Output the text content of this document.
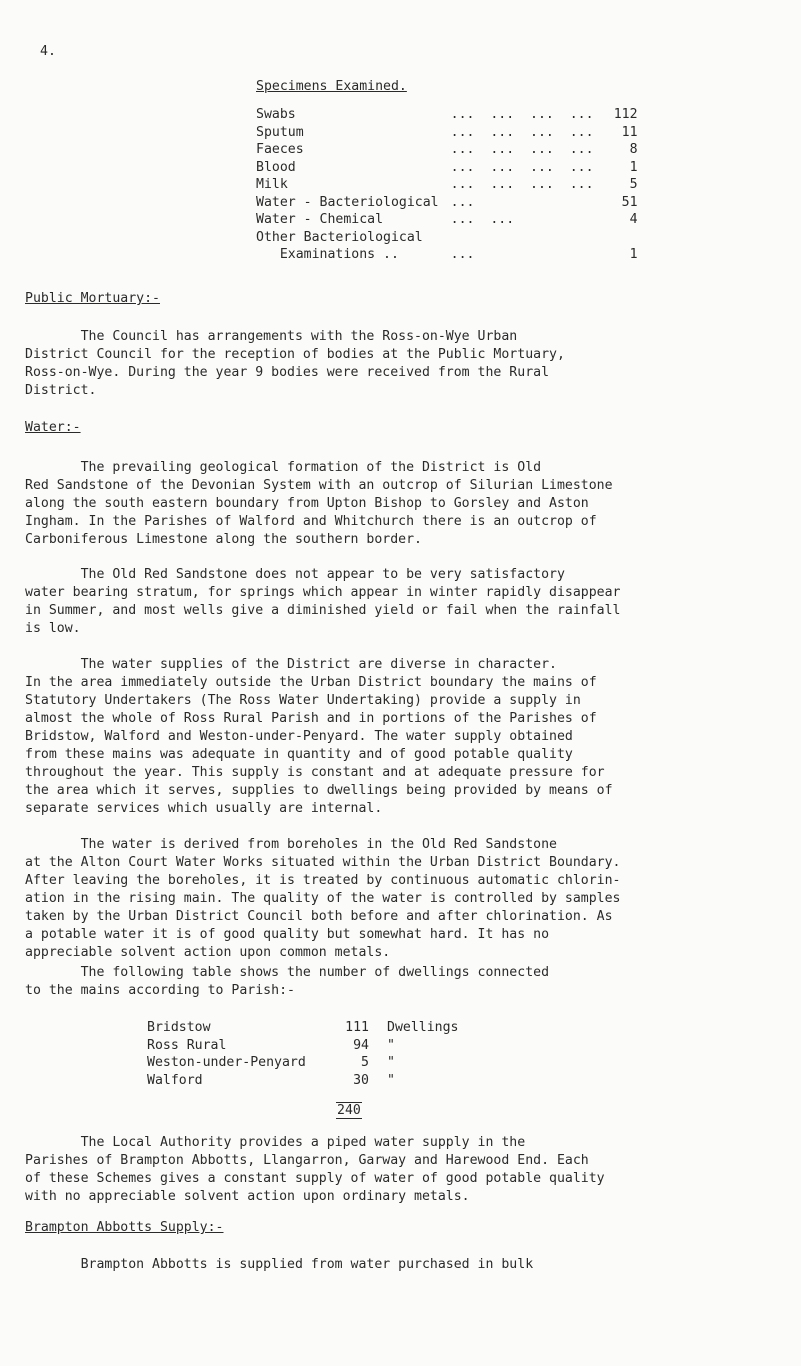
4.
Specimens Examined.
Swabs	...  ...  ...  ...	112
Sputum	...  ...  ...  ...	11
Faeces	...  ...  ...  ...	8
Blood	...  ...  ...  ...	1
Milk	...  ...  ...  ...	5
Water - Bacteriological	...	51
Water - Chemical	...  ...	4
Other Bacteriological		
Examinations ..	...	1
Public Mortuary:-

The Council has arrangements with the Ross-on-Wye Urban
District Council for the reception of bodies at the Public Mortuary,
Ross-on-Wye. During the year 9 bodies were received from the Rural
District.

Water:-

The prevailing geological formation of the District is Old
Red Sandstone of the Devonian System with an outcrop of Silurian Limestone
along the south eastern boundary from Upton Bishop to Gorsley and Aston
Ingham. In the Parishes of Walford and Whitchurch there is an outcrop of
Carboniferous Limestone along the southern border.

The Old Red Sandstone does not appear to be very satisfactory
water bearing stratum, for springs which appear in winter rapidly disappear
in Summer, and most wells give a diminished yield or fail when the rainfall
is low.

The water supplies of the District are diverse in character.
In the area immediately outside the Urban District boundary the mains of
Statutory Undertakers (The Ross Water Undertaking) provide a supply in
almost the whole of Ross Rural Parish and in portions of the Parishes of
Bridstow, Walford and Weston-under-Penyard. The water supply obtained
from these mains was adequate in quantity and of good potable quality
throughout the year. This supply is constant and at adequate pressure for
the area which it serves, supplies to dwellings being provided by means of
separate services which usually are internal.

The water is derived from boreholes in the Old Red Sandstone
at the Alton Court Water Works situated within the Urban District Boundary.
After leaving the boreholes, it is treated by continuous automatic chlorin-
ation in the rising main. The quality of the water is controlled by samples
taken by the Urban District Council both before and after chlorination. As
a potable water it is of good quality but somewhat hard. It has no
appreciable solvent action upon common metals.

The following table shows the number of dwellings connected
to the mains according to Parish:-

Bridstow	111	Dwellings
Ross Rural	94	"
Weston-under-Penyard	5	"
Walford	30	"
240

The Local Authority provides a piped water supply in the
Parishes of Brampton Abbotts, Llangarron, Garway and Harewood End. Each
of these Schemes gives a constant supply of water of good potable quality
with no appreciable solvent action upon ordinary metals.

Brampton Abbotts Supply:-

Brampton Abbotts is supplied from water purchased in bulk
